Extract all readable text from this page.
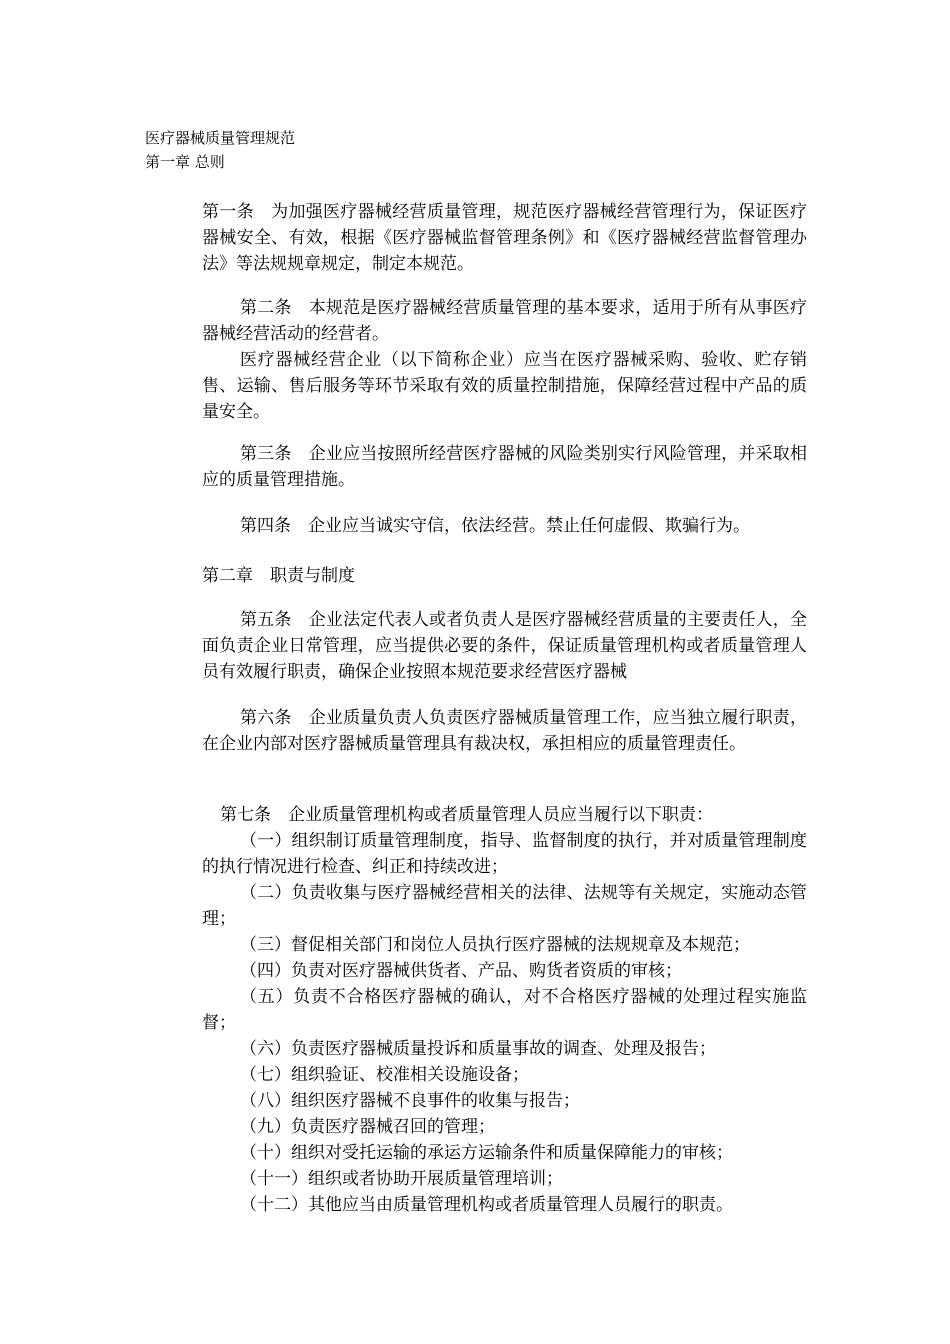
医疗器械质量管理规范
第一章 总则

第一条　为加强医疗器械经营质量管理，规范医疗器械经营管理行为，保证医疗器械安全、有效，根据《医疗器械监督管理条例》和《医疗器械经营监督管理办法》等法规规章规定，制定本规范。

第二条　本规范是医疗器械经营质量管理的基本要求，适用于所有从事医疗器械经营活动的经营者。

医疗器械经营企业（以下简称企业）应当在医疗器械采购、验收、贮存销售、运输、售后服务等环节采取有效的质量控制措施，保障经营过程中产品的质量安全。

第三条　企业应当按照所经营医疗器械的风险类别实行风险管理，并采取相应的质量管理措施。

第四条　企业应当诚实守信，依法经营。禁止任何虚假、欺骗行为。

第二章　职责与制度

第五条　企业法定代表人或者负责人是医疗器械经营质量的主要责任人，全面负责企业日常管理，应当提供必要的条件，保证质量管理机构或者质量管理人员有效履行职责，确保企业按照本规范要求经营医疗器械

第六条　企业质量负责人负责医疗器械质量管理工作，应当独立履行职责，在企业内部对医疗器械质量管理具有裁决权，承担相应的质量管理责任。

第七条　企业质量管理机构或者质量管理人员应当履行以下职责：

（一）组织制订质量管理制度，指导、监督制度的执行，并对质量管理制度的执行情况进行检查、纠正和持续改进；

（二）负责收集与医疗器械经营相关的法律、法规等有关规定，实施动态管理；

（三）督促相关部门和岗位人员执行医疗器械的法规规章及本规范；

（四）负责对医疗器械供货者、产品、购货者资质的审核；

（五）负责不合格医疗器械的确认，对不合格医疗器械的处理过程实施监督；

（六）负责医疗器械质量投诉和质量事故的调查、处理及报告；

（七）组织验证、校准相关设施设备；

（八）组织医疗器械不良事件的收集与报告；

（九）负责医疗器械召回的管理；

（十）组织对受托运输的承运方运输条件和质量保障能力的审核；

（十一）组织或者协助开展质量管理培训；

（十二）其他应当由质量管理机构或者质量管理人员履行的职责。
